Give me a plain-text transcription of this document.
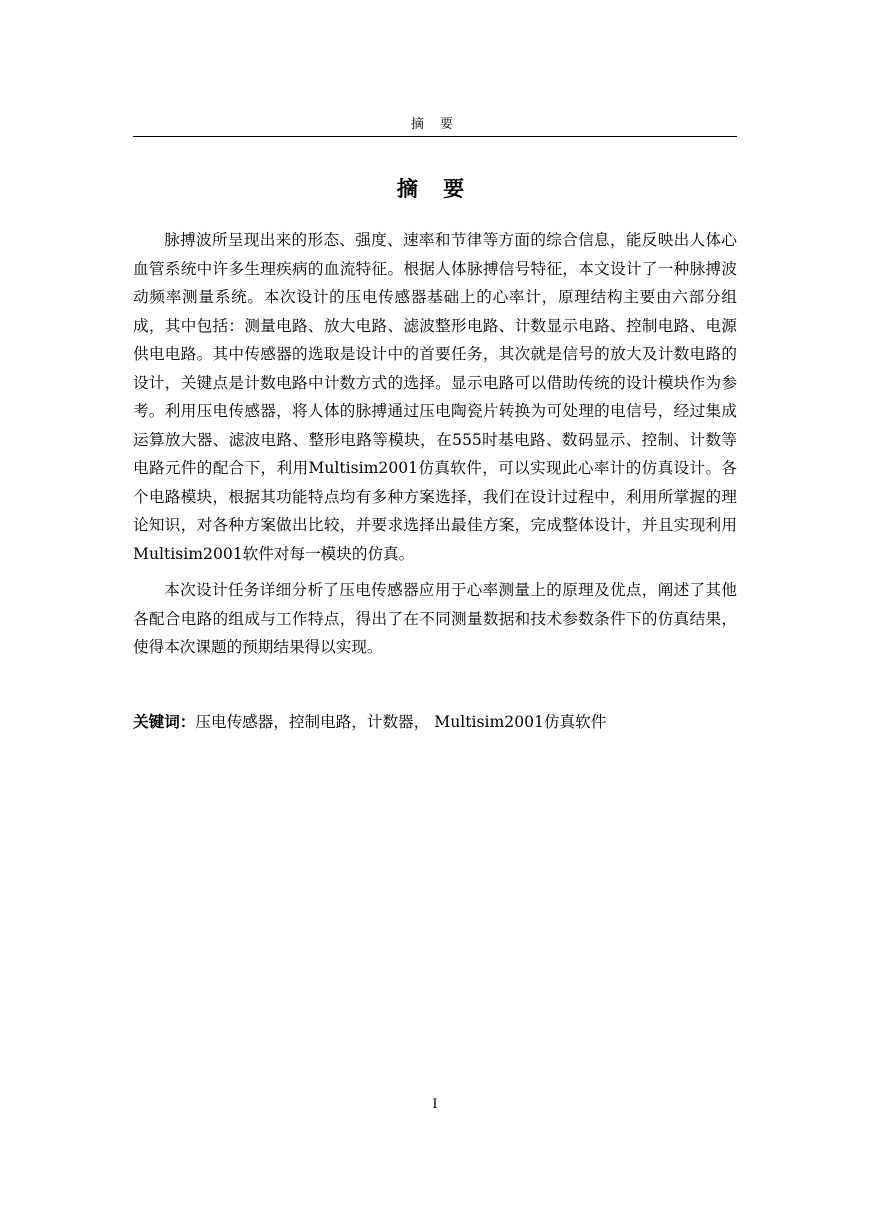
摘 要
摘 要

脉搏波所呈现出来的形态、强度、速率和节律等方面的综合信息，能反映出人体心血管系统中许多生理疾病的血流特征。根据人体脉搏信号特征，本文设计了一种脉搏波动频率测量系统。本次设计的压电传感器基础上的心率计，原理结构主要由六部分组成，其中包括：测量电路、放大电路、滤波整形电路、计数显示电路、控制电路、电源供电电路。其中传感器的选取是设计中的首要任务，其次就是信号的放大及计数电路的设计，关键点是计数电路中计数方式的选择。显示电路可以借助传统的设计模块作为参考。利用压电传感器，将人体的脉搏通过压电陶瓷片转换为可处理的电信号，经过集成运算放大器、滤波电路、整形电路等模块，在555时基电路、数码显示、控制、计数等电路元件的配合下，利用Multisim2001仿真软件，可以实现此心率计的仿真设计。各个电路模块，根据其功能特点均有多种方案选择，我们在设计过程中，利用所掌握的理论知识，对各种方案做出比较，并要求选择出最佳方案，完成整体设计，并且实现利用Multisim2001软件对每一模块的仿真。

本次设计任务详细分析了压电传感器应用于心率测量上的原理及优点，阐述了其他各配合电路的组成与工作特点，得出了在不同测量数据和技术参数条件下的仿真结果，使得本次课题的预期结果得以实现。

关键词：压电传感器，控制电路，计数器， Multisim2001仿真软件
I
